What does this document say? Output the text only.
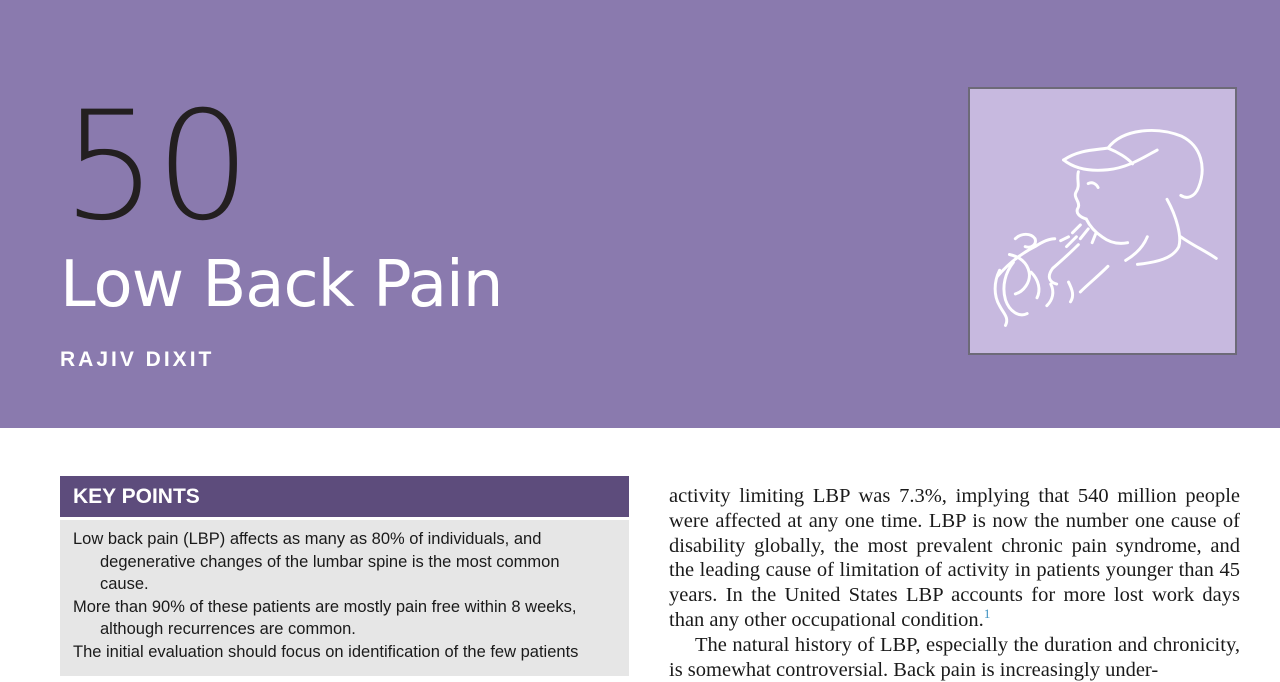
50
Low Back Pain
RAJIV DIXIT
KEY POINTS
Low back pain (LBP) affects as many as 80% of individuals, and degenerative changes of the lumbar spine is the most common cause.
More than 90% of these patients are mostly pain free within 8 weeks, although recurrences are common.
The initial evaluation should focus on identification of the few patients

activity limiting LBP was 7.3%, implying that 540 million people were affected at any one time. LBP is now the number one cause of disability globally, the most prevalent chronic pain syndrome, and the leading cause of limitation of activity in patients younger than 45 years. In the United States LBP accounts for more lost work days than any other occupational condition.$^1$

The natural history of LBP, especially the duration and chronicity, is somewhat controversial. Back pain is increasingly under-
